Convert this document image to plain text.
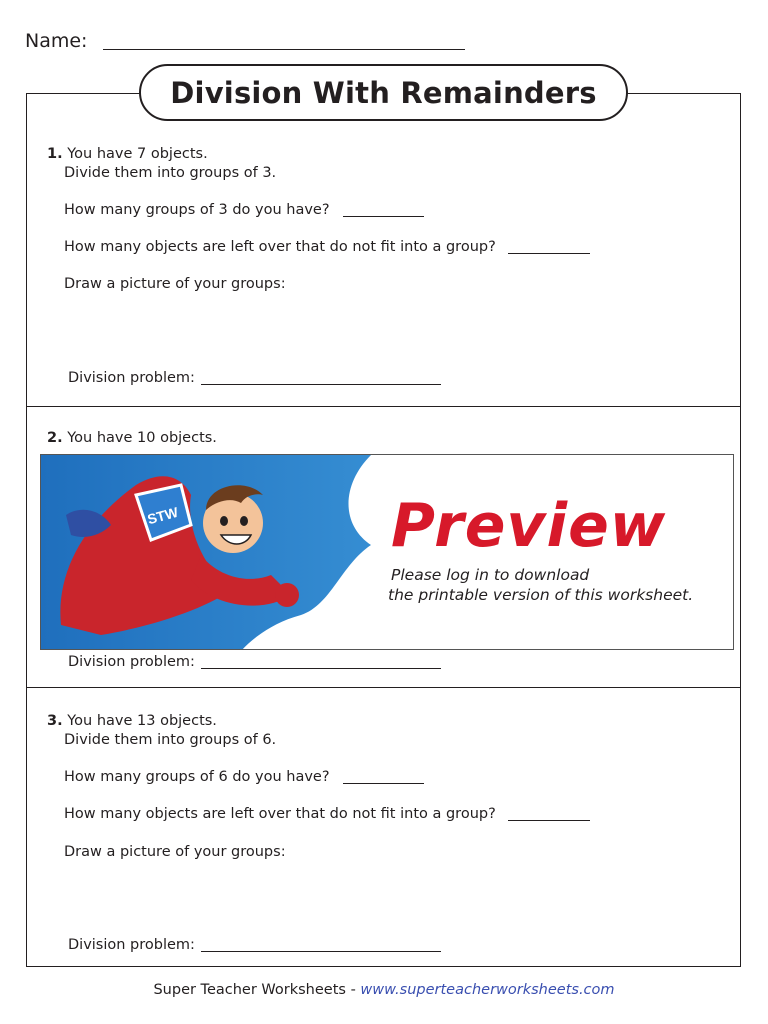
Name:
Division With Remainders
1. You have 7 objects.
Divide them into groups of 3.
How many groups of 3 do you have?
How many objects are left over that do not fit into a group?
Draw a picture of your groups:
Division problem:
2. You have 10 objects.
Division problem:
STW	Preview
Please log in to download
the printable version of this worksheet.
3. You have 13 objects.
Divide them into groups of 6.
How many groups of 6 do you have?
How many objects are left over that do not fit into a group?
Draw a picture of your groups:
Division problem:
Super Teacher Worksheets - www.superteacherworksheets.com
